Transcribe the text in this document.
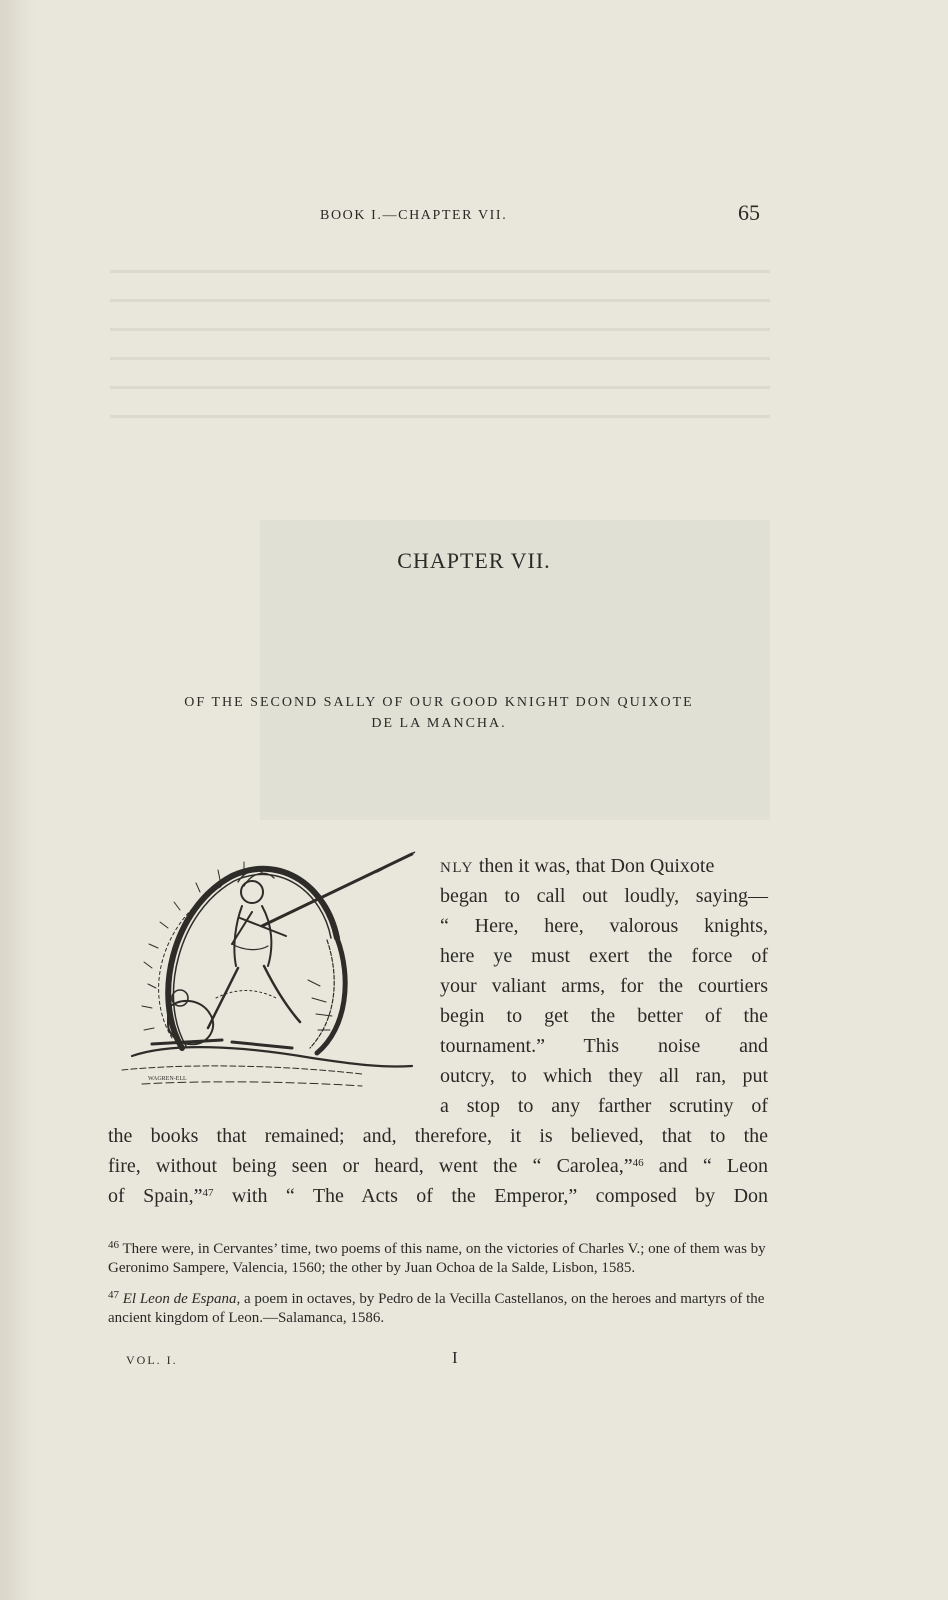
BOOK I.—CHAPTER VII.	65
CHAPTER VII.
OF THE SECOND SALLY OF OUR GOOD KNIGHT DON QUIXOTE
DE LA MANCHA.
WAGREN-ELL
NLY then it was, that Don Quixote
began to call out loudly, saying—
“ Here, here, valorous knights,
here ye must exert the force of
your valiant arms, for the courtiers
begin to get the better of the
tournament.” This noise and
outcry, to which they all ran, put
a stop to any farther scrutiny of
the books that remained; and, therefore, it is believed, that to the
fire, without being seen or heard, went the “ Carolea,”$^{46}$ and “ Leon
of Spain,”$^{47}$ with “ The Acts of the Emperor,” composed by Don

$^{46}$ There were, in Cervantes’ time, two poems of this name, on the victories of Charles V.; one of them was by Geronimo Sampere, Valencia, 1560; the other by Juan Ochoa de la Salde, Lisbon, 1585.

$^{47}$ El Leon de Espana, a poem in octaves, by Pedro de la Vecilla Castellanos, on the heroes and martyrs of the ancient kingdom of Leon.—Salamanca, 1586.

VOL. I.	I
